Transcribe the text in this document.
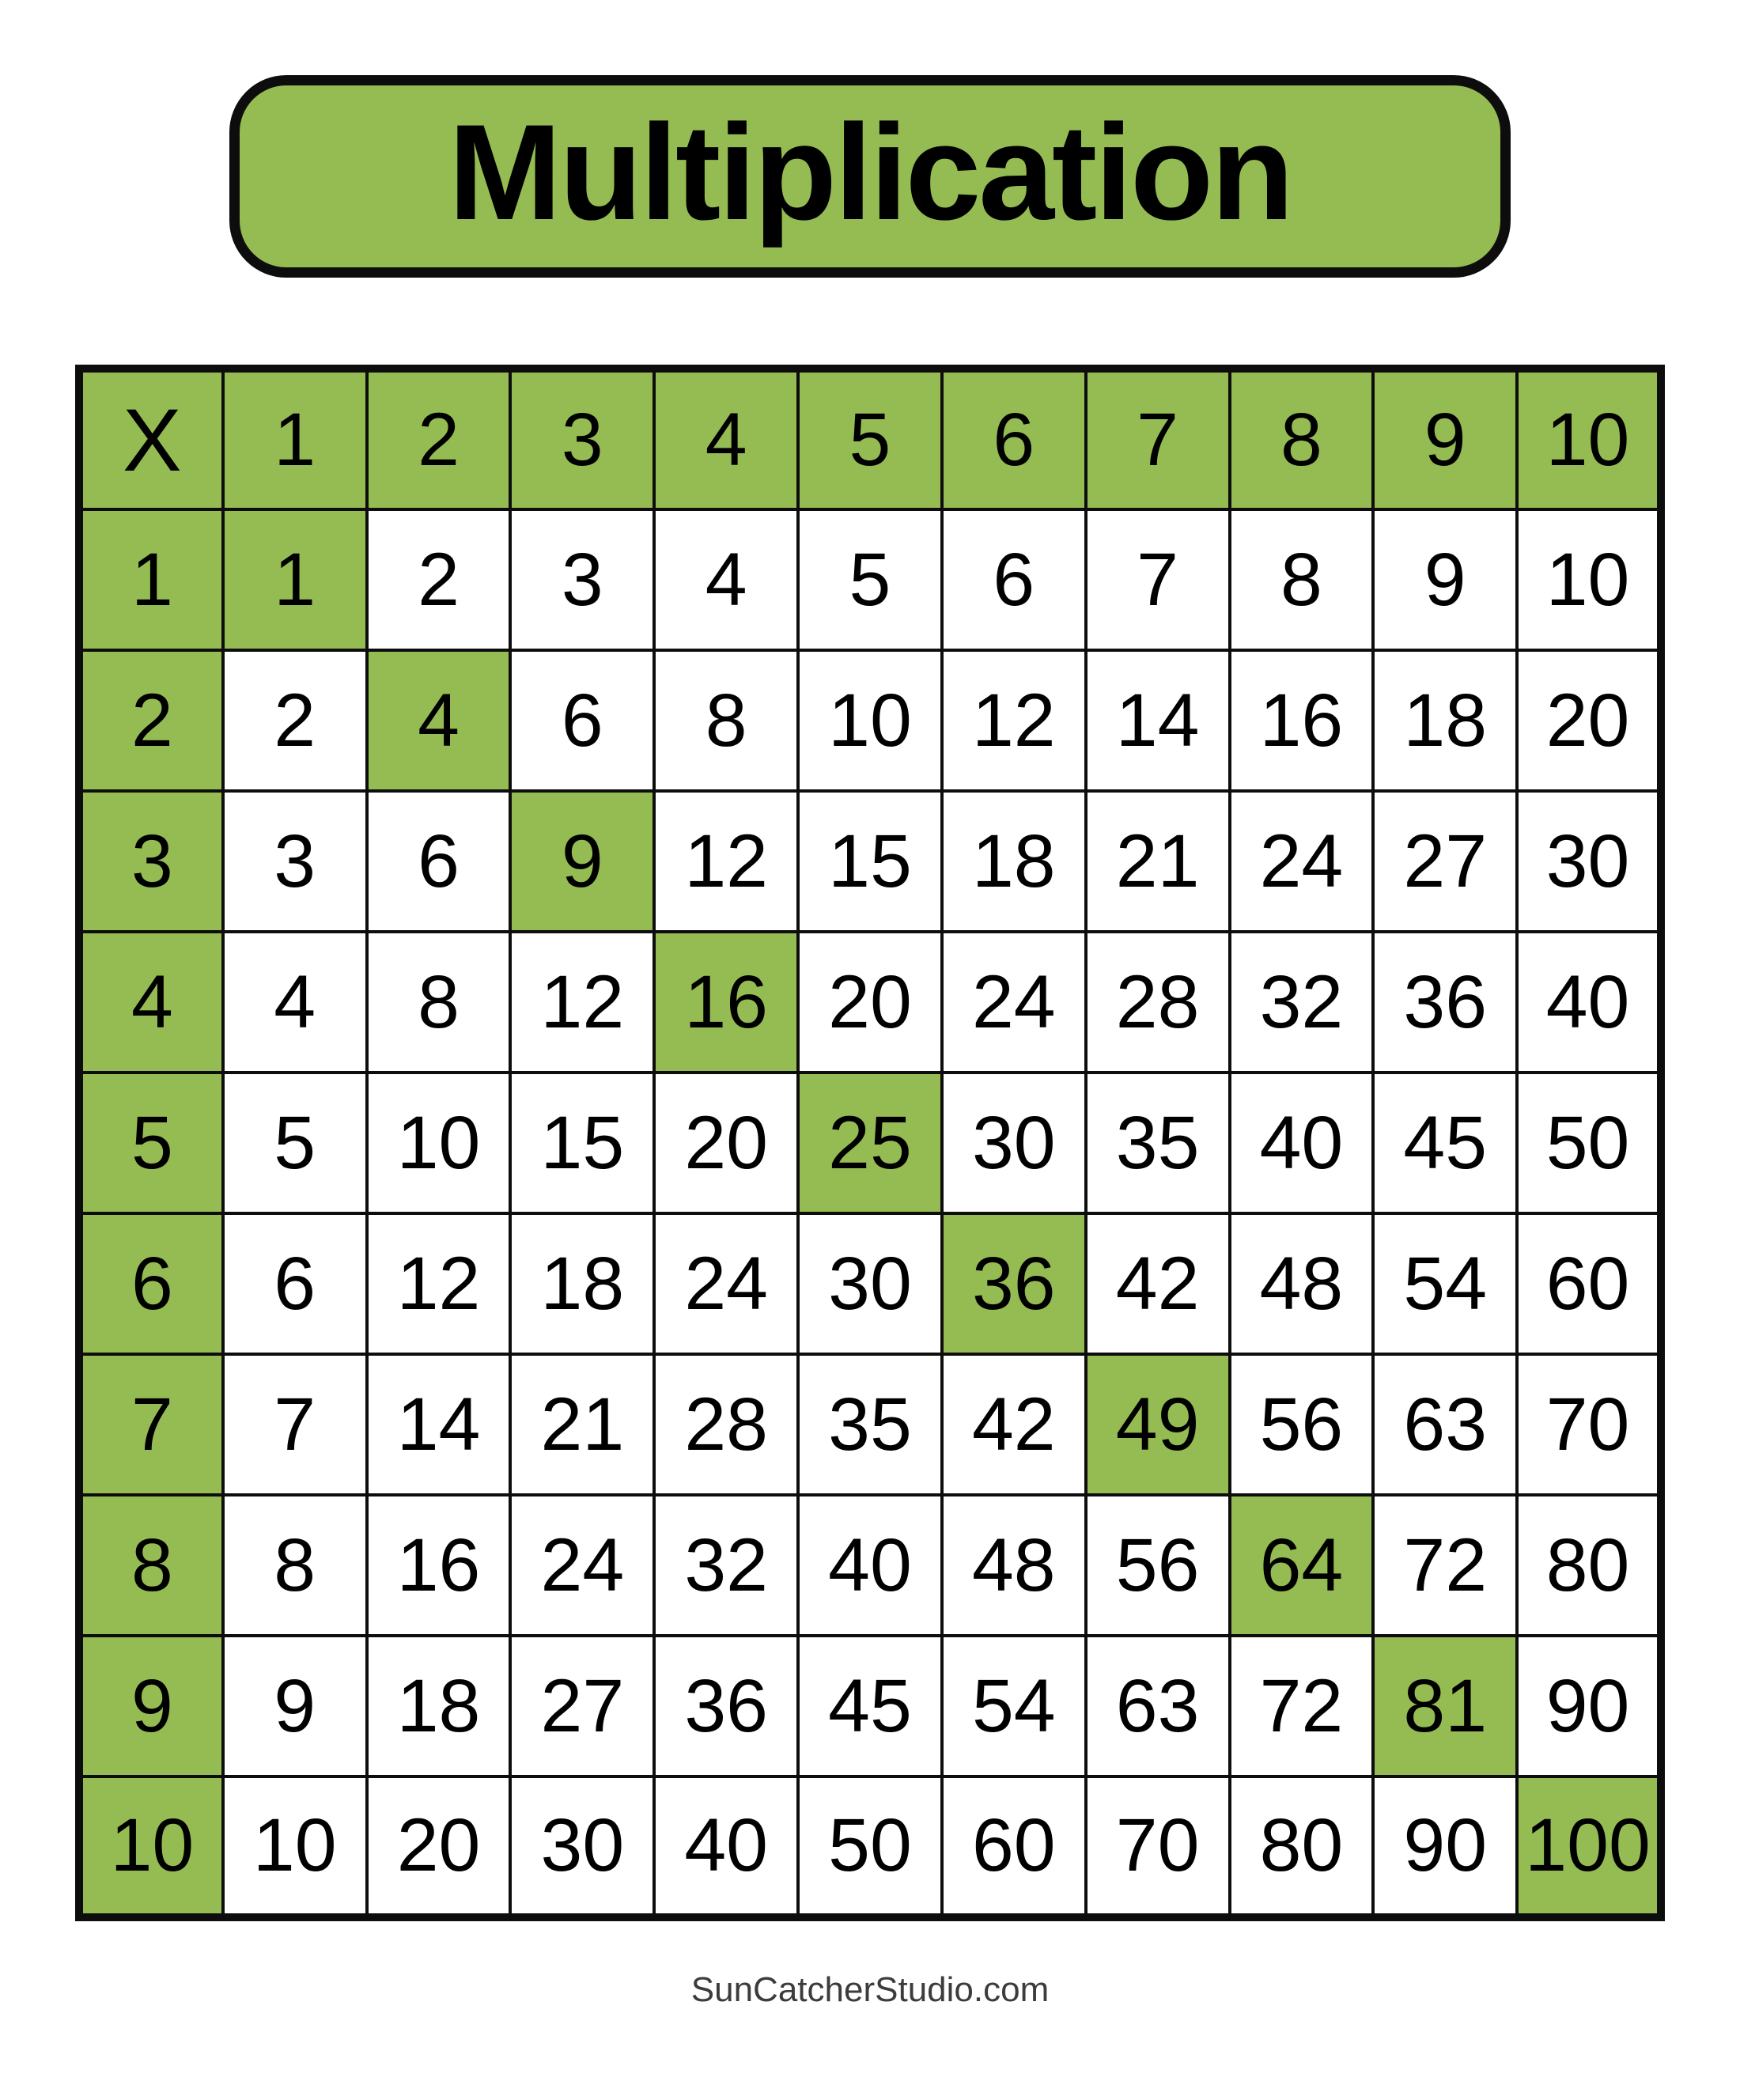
Multiplication
X	1	2	3	4	5	6	7	8	9	10
1	1	2	3	4	5	6	7	8	9	10
2	2	4	6	8	10	12	14	16	18	20
3	3	6	9	12	15	18	21	24	27	30
4	4	8	12	16	20	24	28	32	36	40
5	5	10	15	20	25	30	35	40	45	50
6	6	12	18	24	30	36	42	48	54	60
7	7	14	21	28	35	42	49	56	63	70
8	8	16	24	32	40	48	56	64	72	80
9	9	18	27	36	45	54	63	72	81	90
10	10	20	30	40	50	60	70	80	90	100
SunCatcherStudio.com
